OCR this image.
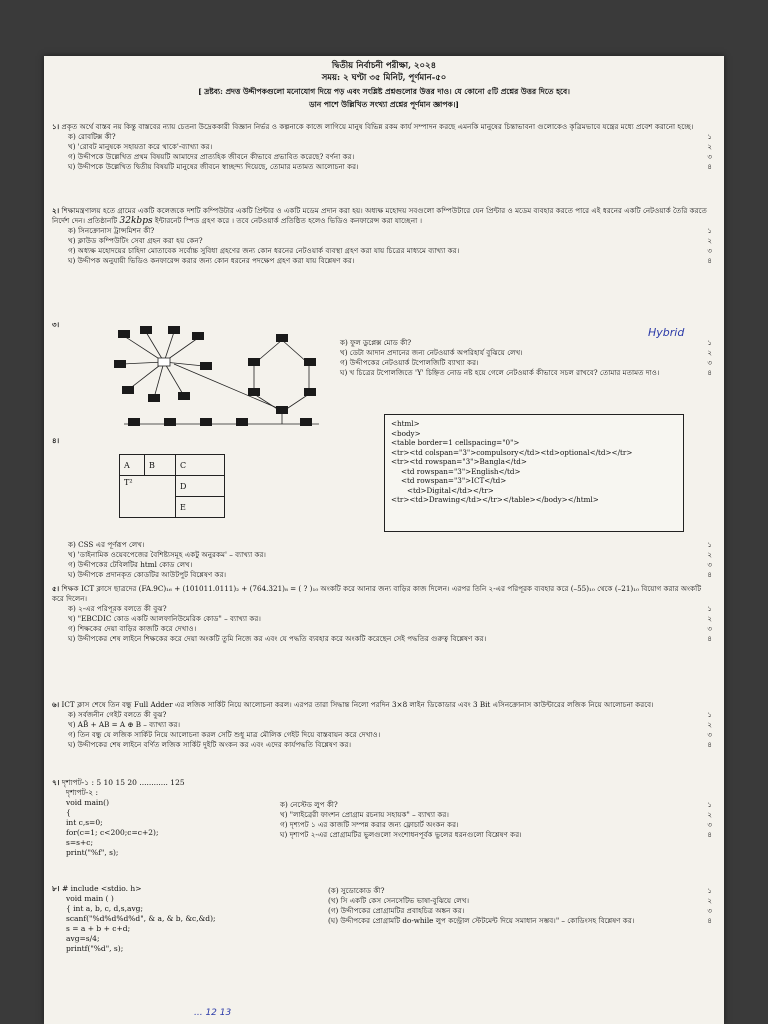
দ্বিতীয় নির্বাচনী পরীক্ষা, ২০২৪
সময়: ২ ঘণ্টা ৩৫ মিনিট, পূর্ণমান-৫০
[ দ্রষ্টব্য: প্রদত্ত উদ্দীপকগুলো মনোযোগ দিয়ে পড় এবং সংশ্লিষ্ট প্রশ্নগুলোর উত্তর দাও। যে কোনো ৫টি প্রশ্নের উত্তর দিতে হবে।
ডান পাশে উল্লিখিত সংখ্যা প্রশ্নের পূর্ণমান জ্ঞাপক।]
১। প্রকৃত অর্থে বাস্তব নয় কিন্তু বাস্তবের ন্যায় চেতনা উদ্রেককারী বিজ্ঞান নির্ভর ও কল্পনাকে কাজে লাগিয়ে মানুষ বিভিন্ন রকম কার্য সম্পাদন করছে এমনকি মানুষের চিন্তাভাবনা গুলোকেও কৃত্রিমভাবে যন্ত্রের মধ্যে প্রবেশ করানো হচ্ছে।
ক) রোবটিক্স কী?	১
খ) 'রোবট মানুষকে সহায়তা করে থাকে'-ব্যাখ্যা কর।	২
গ) উদ্দীপকে উল্লেখিত প্রথম বিষয়টি আমাদের প্রাত্যহিক জীবনে কীভাবে প্রভাবিত করেছে? বর্ণনা কর।	৩
ঘ) উদ্দীপকে উল্লেখিত দ্বিতীয় বিষয়টি মানুষের জীবনে স্বাচ্ছন্দ্য দিয়েছে, তোমার মতামত আলোচনা কর।	৪
২। শিক্ষামন্ত্রণালয় হতে গ্রামের একটি কলেজকে দশটি কম্পিউটার একটি প্রিন্টার ও একটি মডেম প্রদান করা হয়। অধ্যক্ষ মহোদয় সবগুলো কম্পিউটারে যেন প্রিন্টার ও মডেম ব্যবহার করতে পারে এই ধরনের একটি নেটওয়ার্ক তৈরি করতে নির্দেশ দেন। প্রতিষ্ঠানটি 32kbps ইন্টারনেট স্পিড গ্রহণ করে । তবে নেটওয়ার্ক প্রতিষ্ঠিত হলেও ভিডিও কনফারেন্স করা যাচ্ছেনা ।
ক) সিনক্রোনাস ট্রান্সমিশন কী?	১
খ) ক্লাউড কম্পিউটিং সেবা গ্রহন করা হয় কেন?	২
গ) অধ্যক্ষ মহোদয়ের চাহিদা মোতাবেক সর্বোচ্চ সুবিধা গ্রহণের জন্য কোন ধরনের নেটওয়ার্ক ব্যবস্থা গ্রহণ করা যায় চিত্রের মাধ্যমে ব্যাখ্যা কর।	৩
ঘ) উদ্দীপক অনুযায়ী ভিডিও কনফারেন্স করার জন্য কোন ধরনের পদক্ষেপ গ্রহণ করা যায় বিশ্লেষণ কর।	৪
৩।
ক) ফুল ডুপ্লেক্স মোড কী?	১
খ) ডেটা আদান প্রদানের জন্য নেটওয়ার্ক অপরিহার্য বুঝিয়ে লেখ।	২
গ) উদ্দীপকের নেটওয়ার্ক টপোলজিটি ব্যাখ্যা কর।	৩
ঘ) খ চিত্রের টপোলজিতে 'Y' চিহ্নিত নোড নষ্ট হয়ে গেলে নেটওয়ার্ক কীভাবে সচল রাখবে? তোমার মতামত দাও।	৪
Hybrid
৪।
A	B	C
T²		D
		E
<html>
<body>
<table border=1 cellspacing="0">
<tr><td colspan="3">compulsory</td><td>optional</td></tr>
<tr><td rowspan="3">Bangla</td>
<td rowspan="3">English</td>
<td rowspan="3">ICT</td>
<td>Digital</td></tr>
<tr><td>Drawing</td></tr></table></body></html>
ক) CSS এর পূর্ণরূপ লেখ।	১
খ) 'ডাইনামিক ওয়েবপেজের বৈশিষ্ট্যসমূহ একটু অনুরকম' – ব্যাখ্যা কর।	২
গ) উদ্দীপকের টেবিলটির html কোড লেখ।	৩
ঘ) উদ্দীপকে প্রদানকৃত কোডটির আউটপুট বিশ্লেষণ কর।	৪
৫। শিক্ষক ICT ক্লাসে ছাত্রদের (FA.9C)₁₆ + (101011.0111)₂ + (764.321)₈ = ( ? )₁₀ অংকটি করে আনার জন্য বাড়ির কাজ দিলেন। এরপর তিনি ২-এর পরিপূরক ব্যবহার করে (–55)₁₀ থেকে (–21)₁₀ বিয়োগ করার অংকটি করে দিলেন।
ক) ২-এর পরিপূরক বলতে কী বুঝ?	১
খ) "EBCDIC কোড একটি আলফানিউমেরিক কোড" – ব্যাখ্যা কর।	২
গ) শিক্ষকের দেয়া বাড়ির কাজটি করে দেখাও।	৩
ঘ) উদ্দীপকের শেষ লাইনে শিক্ষকের করে দেয়া অংকটি তুমি নিজে কর এবং যে পদ্ধতি ব্যবহার করে অংকটি করেছেন সেই পদ্ধতির গুরুত্ব বিশ্লেষণ কর।	৪
৬। ICT ক্লাস শেষে তিন বন্ধু Full Adder এর লজিক সার্কিট নিয়ে আলোচনা করল। এরপর তারা সিদ্ধান্ত নিলো পরদিন 3×8 লাইন ডিকোডার এবং 3 Bit এসিনক্রোনাস কাউন্টারের লজিক নিয়ে আলোচনা করবে।
ক) সর্বজনীন গেইট বলতে কী বুঝ?	১
খ) AB̄ + AB = A ⊕ B – ব্যাখ্যা কর।	২
গ) তিন বন্ধু যে লজিক সার্কিট নিয়ে আলোচনা করল সেটি শুধু মাত্র মৌলিক গেইট দিয়ে বাস্তবায়ন করে দেখাও।	৩
ঘ) উদ্দীপকের শেষ লাইনে বর্ণিত লজিক সার্কিট দুইটি অংকন কর এবং এদের কার্যপদ্ধতি বিশ্লেষণ কর।	৪
৭। দৃশ্যপট-১ : 5 10 15 20 ............ 125
দৃশ্যপট-২ :
void main()
{
int c,s=0;
for(c=1; c<200;c=c+2);
s=s+c;
print("%f", s);
ক) নেস্টেড লুপ কী?	১
খ) "লাইব্রেরী ফাংশন প্রোগ্রাম রচনায় সহায়ক" – ব্যাখ্যা কর।	২
গ) দৃশ্যপট ১ এর কাজটি সম্পন্ন করার জন্য ফ্লোচার্ট অংকন কর।	৩
ঘ) দৃশ্যপট ২-এর প্রোগ্রামটির ভুলগুলো সংশোধনপূর্বক ভুলের ধরনগুলো বিশ্লেষণ কর।	৪
৮। # include <stdio. h>
void main ( )
{ int a, b, c, d,s,avg;
scanf("%d%d%d%d", & a, & b, &c,&d);
s = a + b + c+d;
avg=s/4;
printf("%d", s);
(ক) সুডোকোড কী?	১
(খ) সি একটি কেস সেনসেটিভ ভাষা-বুঝিয়ে লেখ।	২
(গ) উদ্দীপকের প্রোগ্রামটির প্রবাহচিত্র অঙ্কন কর।	৩
(ঘ) উদ্দীপকের প্রোগ্রামটি do-while লুপ কন্ট্রোল স্টেটমেন্ট দিয়ে সমাধান সম্ভব।" – কোডিংসহ বিশ্লেষণ কর।	৪
... 12 13
